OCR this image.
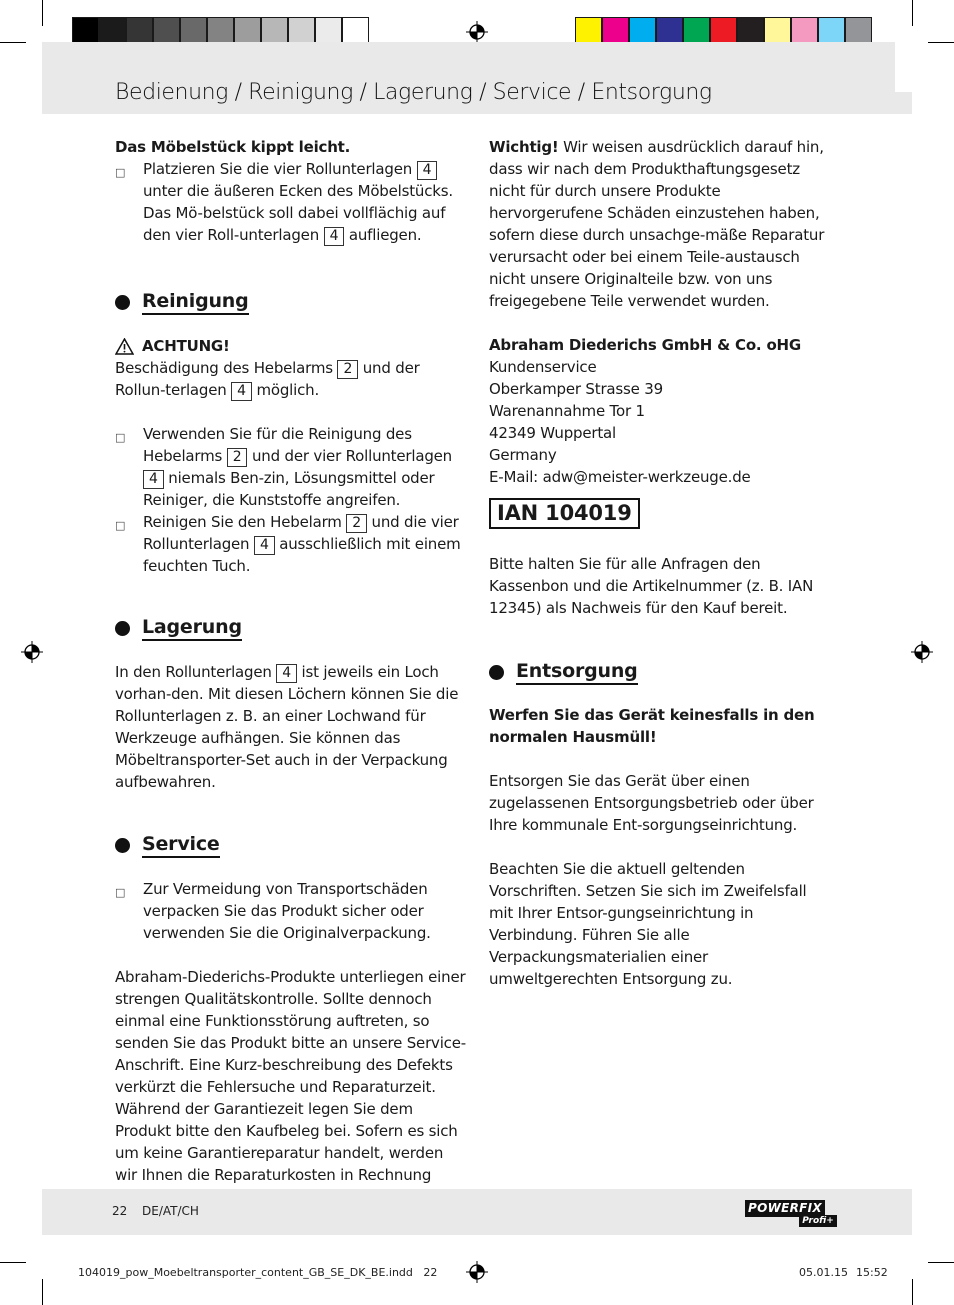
Bedienung / Reinigung / Lagerung / Service / Entsorgung

Das Möbelstück kippt leicht.

□ Platzieren Sie die vier Rollunterlagen 4 unter die äußeren Ecken des Möbelstücks. Das Mö-belstück soll dabei vollflächig auf den vier Roll-unterlagen 4 aufliegen.
Reinigung
ACHTUNG!

Beschädigung des Hebelarms 2 und der Rollun-terlagen 4 möglich.

□ Verwenden Sie für die Reinigung des Hebelarms 2 und der vier Rollunterlagen 4 niemals Ben-zin, Lösungsmittel oder Reiniger, die Kunststoffe angreifen.
□ Reinigen Sie den Hebelarm 2 und die vier Rollunterlagen 4 ausschließlich mit einem feuchten Tuch.
Lagerung

In den Rollunterlagen 4 ist jeweils ein Loch vorhan-den. Mit diesen Löchern können Sie die Rollunterlagen z. B. an einer Lochwand für Werkzeuge aufhängen. Sie können das Möbeltransporter-Set auch in der Verpackung aufbewahren.

Service
□ Zur Vermeidung von Transportschäden verpacken Sie das Produkt sicher oder verwenden Sie die Originalverpackung.

Abraham-Diederichs-Produkte unterliegen einer strengen Qualitätskontrolle. Sollte dennoch einmal eine Funktionsstörung auftreten, so senden Sie das Produkt bitte an unsere Service-Anschrift. Eine Kurz-beschreibung des Defekts verkürzt die Fehlersuche und Reparaturzeit. Während der Garantiezeit legen Sie dem Produkt bitte den Kaufbeleg bei. Sofern es sich um keine Garantiereparatur handelt, werden wir Ihnen die Reparaturkosten in Rechnung

Wichtig! Wir weisen ausdrücklich darauf hin, dass wir nach dem Produkthaftungsgesetz nicht für durch unsere Produkte hervorgerufene Schäden einzustehen haben, sofern diese durch unsachge-mäße Reparatur verursacht oder bei einem Teile-austausch nicht unsere Originalteile bzw. von uns freigegebene Teile verwendet wurden.

Abraham Diederichs GmbH & Co. oHG

Kundenservice

Oberkamper Strasse 39

Warenannahme Tor 1

42349 Wuppertal

Germany

E-Mail: adw@meister-werkzeuge.de

IAN 104019

Bitte halten Sie für alle Anfragen den Kassenbon und die Artikelnummer (z. B. IAN 12345) als Nachweis für den Kauf bereit.

Entsorgung

Werfen Sie das Gerät keinesfalls in den normalen Hausmüll!

Entsorgen Sie das Gerät über einen zugelassenen Entsorgungsbetrieb oder über Ihre kommunale Ent-sorgungseinrichtung.

Beachten Sie die aktuell geltenden Vorschriften. Setzen Sie sich im Zweifelsfall mit Ihrer Entsor-gungseinrichtung in Verbindung. Führen Sie alle Verpackungsmaterialien einer umweltgerechten Entsorgung zu.

22 DE/AT/CH	POWERFIX
Profi+
104019_pow_Moebeltransporter_content_GB_SE_DK_BE.indd   22	05.01.15 15:52
